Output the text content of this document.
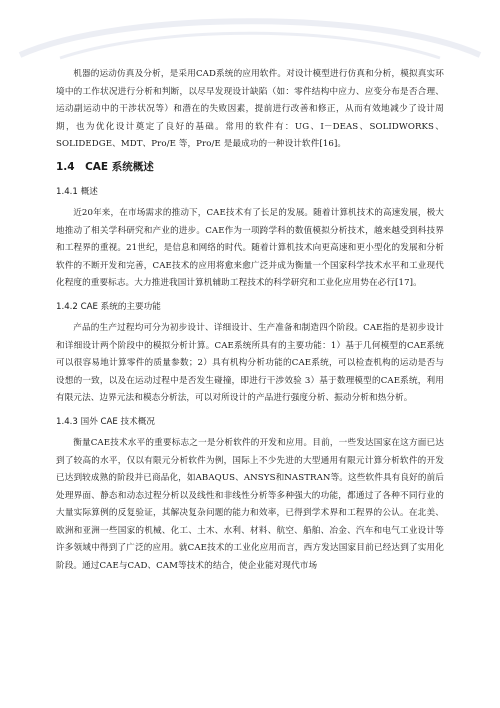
机器的运动仿真及分析，是采用CAD系统的应用软件。对设计模型进行仿真和分析，模拟真实环境中的工作状况进行分析和判断，以尽早发现设计缺陷（如：零件结构中应力、应变分布是否合理、运动副运动中的干涉状况等）和潜在的失败因素，提前进行改善和修正，从而有效地减少了设计周期，也为优化设计奠定了良好的基础。常用的软件有：UG、I－DEAS、SOLIDWORKS、SOLIDEDGE、MDT、Pro/E 等，Pro/E 是最成功的一种设计软件[16]。

1.4　CAE 系统概述
1.4.1 概述

近20年来，在市场需求的推动下，CAE技术有了长足的发展。随着计算机技术的高速发展，极大地推动了相关学科研究和产业的进步。CAE作为一项跨学科的数值模拟分析技术，越来越受到科技界和工程界的重视。21世纪，是信息和网络的时代。随着计算机技术向更高速和更小型化的发展和分析软件的不断开发和完善，CAE技术的应用将愈来愈广泛并成为衡量一个国家科学技术水平和工业现代化程度的重要标志。大力推进我国计算机辅助工程技术的科学研究和工业化应用势在必行[17]。

1.4.2 CAE 系统的主要功能

产品的生产过程均可分为初步设计、详细设计、生产准备和制造四个阶段。CAE指的是初步设计和详细设计两个阶段中的模拟分析计算。CAE系统所具有的主要功能：1）基于几何模型的CAE系统可以很容易地计算零件的质量参数；2）具有机构分析功能的CAE系统，可以检查机构的运动是否与设想的一致，以及在运动过程中是否发生碰撞，即进行干涉效验 3）基于数理模型的CAE系统，利用有限元法、边界元法和模态分析法，可以对所设计的产品进行强度分析、振动分析和热分析。

1.4.3 国外 CAE 技术概况

衡量CAE技术水平的重要标志之一是分析软件的开发和应用。目前，一些发达国家在这方面已达到了较高的水平，仅以有限元分析软件为例，国际上不少先进的大型通用有限元计算分析软件的开发已达到较成熟的阶段并已商品化，如ABAQUS、ANSYS和NASTRAN等。这些软件具有良好的前后处理界面、静态和动态过程分析以及线性和非线性分析等多种强大的功能，都通过了各种不同行业的大量实际算例的反复验证，其解决复杂问题的能力和效率，已得到学术界和工程界的公认。在北美、欧洲和亚洲一些国家的机械、化工、土木、水利、材料、航空、船舶、冶金、汽车和电气工业设计等许多领域中得到了广泛的应用。就CAE技术的工业化应用而言，西方发达国家目前已经达到了实用化阶段。通过CAE与CAD、CAM等技术的结合，使企业能对现代市场
